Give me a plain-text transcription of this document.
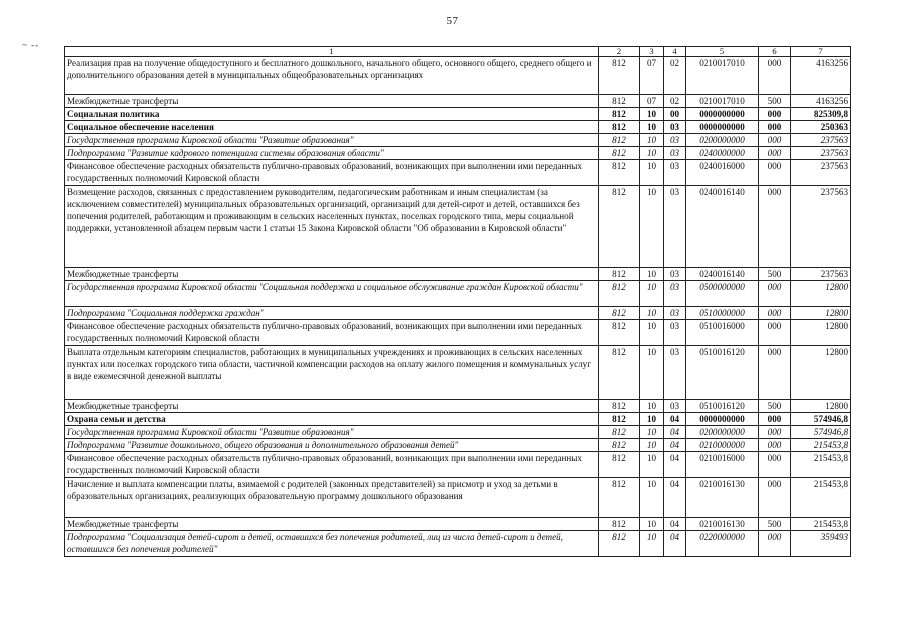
57
~ --
1	2	3	4	5	6	7
Реализация прав на получение общедоступного и бесплатного дошкольного, начального общего, основного общего, среднего общего и дополнительного образования детей в муниципальных общеобразовательных организациях	812	07	02	0210017010	000	4163256
Межбюджетные трансферты	812	07	02	0210017010	500	4163256
Социальная политика	812	10	00	0000000000	000	825309,8
Социальное обеспечение населения	812	10	03	0000000000	000	250363
Государственная программа Кировской области "Развитие образования"	812	10	03	0200000000	000	237563
Подпрограмма "Развитие кадрового потенциала системы образования области"	812	10	03	0240000000	000	237563
Финансовое обеспечение расходных обязательств публично-правовых образований, возникающих при выполнении ими переданных государственных полномочий Кировской области	812	10	03	0240016000	000	237563
Возмещение расходов, связанных с предоставлением руководителям, педагогическим работникам и иным специалистам (за исключением совместителей) муниципальных образовательных организаций, организаций для детей-сирот и детей, оставшихся без попечения родителей, работающим и проживающим в сельских населенных пунктах, поселках городского типа, меры социальной поддержки, установленной абзацем первым части 1 статьи 15 Закона Кировской области "Об образовании в Кировской области"	812	10	03	0240016140	000	237563
Межбюджетные трансферты	812	10	03	0240016140	500	237563
Государственная программа Кировской области "Социальная поддержка и социальное обслуживание граждан Кировской области"	812	10	03	0500000000	000	12800
Подпрограмма "Социальная поддержка граждан"	812	10	03	0510000000	000	12800
Финансовое обеспечение расходных обязательств публично-правовых образований, возникающих при выполнении ими переданных государственных полномочий Кировской области	812	10	03	0510016000	000	12800
Выплата отдельным категориям специалистов, работающих в муниципальных учреждениях и проживающих в сельских населенных пунктах или поселках городского типа области, частичной компенсации расходов на оплату жилого помещения и коммунальных услуг в виде ежемесячной денежной выплаты	812	10	03	0510016120	000	12800
Межбюджетные трансферты	812	10	03	0510016120	500	12800
Охрана семьи и детства	812	10	04	0000000000	000	574946,8
Государственная программа Кировской области "Развитие образования"	812	10	04	0200000000	000	574946,8
Подпрограмма "Развитие дошкольного, общего образования и дополнительного образования детей"	812	10	04	0210000000	000	215453,8
Финансовое обеспечение расходных обязательств публично-правовых образований, возникающих при выполнении ими переданных государственных полномочий Кировской области	812	10	04	0210016000	000	215453,8
Начисление и выплата компенсации платы, взимаемой с родителей (законных представителей) за присмотр и уход за детьми в образовательных организациях, реализующих образовательную программу дошкольного образования	812	10	04	0210016130	000	215453,8
Межбюджетные трансферты	812	10	04	0210016130	500	215453,8
Подпрограмма "Социализация детей-сирот и детей, оставшихся без попечения родителей, лиц из числа детей-сирот и детей, оставшихся без попечения родителей"	812	10	04	0220000000	000	359493
